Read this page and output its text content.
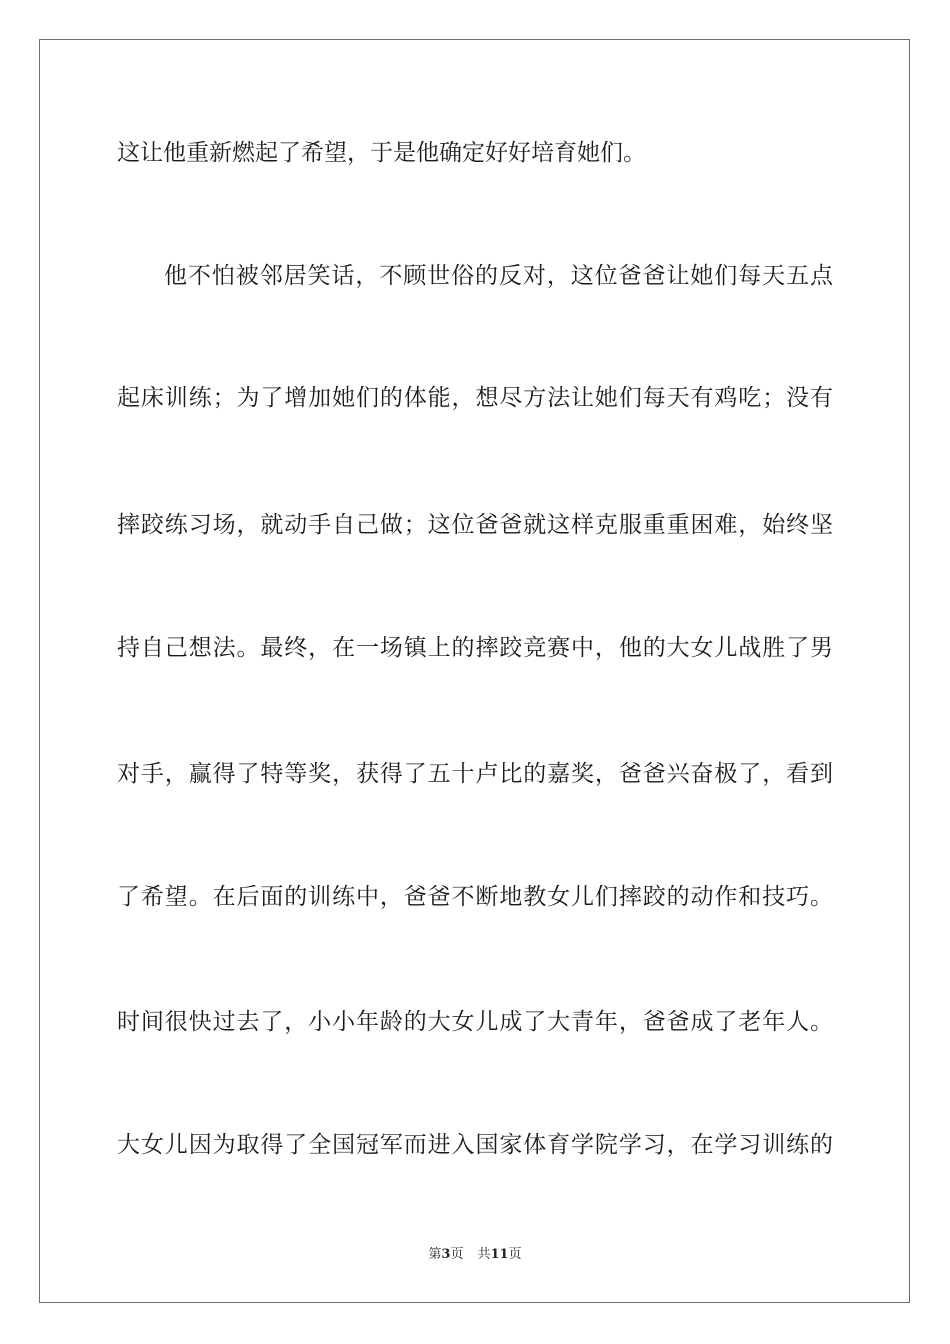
这让他重新燃起了希望，于是他确定好好培育她们。
他不怕被邻居笑话，不顾世俗的反对，这位爸爸让她们每天五点
起床训练；为了增加她们的体能，想尽方法让她们每天有鸡吃；没有
摔跤练习场，就动手自己做；这位爸爸就这样克服重重困难，始终坚
持自己想法。最终，在一场镇上的摔跤竞赛中，他的大女儿战胜了男
对手，赢得了特等奖，获得了五十卢比的嘉奖，爸爸兴奋极了，看到
了希望。在后面的训练中，爸爸不断地教女儿们摔跤的动作和技巧。
时间很快过去了，小小年龄的大女儿成了大青年，爸爸成了老年人。
大女儿因为取得了全国冠军而进入国家体育学院学习，在学习训练的
第3页 共11页
